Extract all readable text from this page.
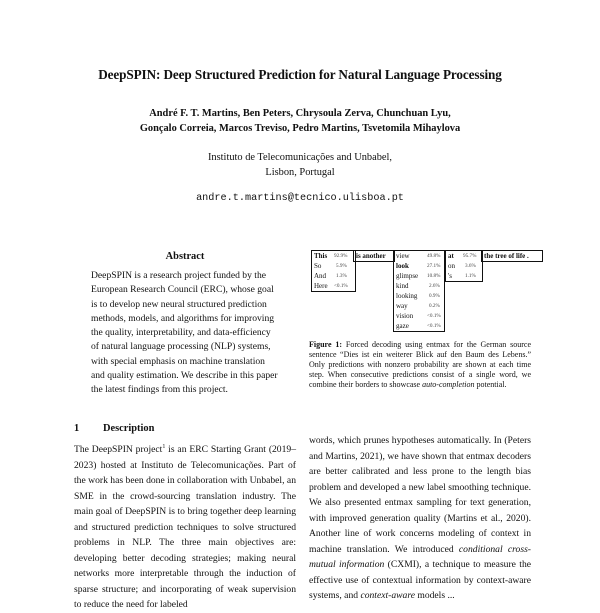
DeepSPIN: Deep Structured Prediction for Natural Language Processing
André F. T. Martins, Ben Peters, Chrysoula Zerva, Chunchuan Lyu,
Gonçalo Correia, Marcos Treviso, Pedro Martins, Tsvetomila Mihaylova
Instituto de Telecomunicações and Unbabel,
Lisbon, Portugal
andre.t.martins@tecnico.ulisboa.pt
Abstract
DeepSPIN is a research project funded by the European Research Council (ERC), whose goal is to develop new neural structured prediction methods, models, and algorithms for improving the quality, interpretability, and data-efficiency of natural language processing (NLP) systems, with special emphasis on machine translation and quality estimation. We describe in this paper the latest findings from this project.
1 Description

The DeepSPIN project$^1$ is an ERC Starting Grant (2019–2023) hosted at Instituto de Telecomunicações. Part of the work has been done in collaboration with Unbabel, an SME in the crowd-sourcing translation industry. The main goal of DeepSPIN is to bring together deep learning and structured prediction techniques to solve structured problems in NLP. The three main objectives are: developing better decoding strategies; making neural networks more interpretable through the induction of sparse structure; and incorporating of weak supervision to reduce the need for labeled

This 92.9%
So	5.9%
And 1.3%
Here <0.1%
is another view	49.8%
look	27.1%
glimpse 10.8%
kind	2.6%
looking 0.9%
way	0.2%
vision	<0.1%
gaze	<0.1%
at 95.7%
on 3.6%
's	1.1%
the tree of life .
Figure 1: Forced decoding using entmax for the German source sentence “Dies ist ein weiterer Blick auf den Baum des Lebens.” Only predictions with nonzero probability are shown at each time step. When consecutive predictions consist of a single word, we combine their borders to showcase auto-completion potential.

words, which prunes hypotheses automatically. In (Peters and Martins, 2021), we have shown that entmax decoders are better calibrated and less prone to the length bias problem and developed a new label smoothing technique. We also presented entmax sampling for text generation, with improved generation quality (Martins et al., 2020). Another line of work concerns modeling of context in machine translation. We introduced conditional cross-mutual information (CXMI), a technique to measure the effective use of contextual information by context-aware systems, and context-aware models ...
